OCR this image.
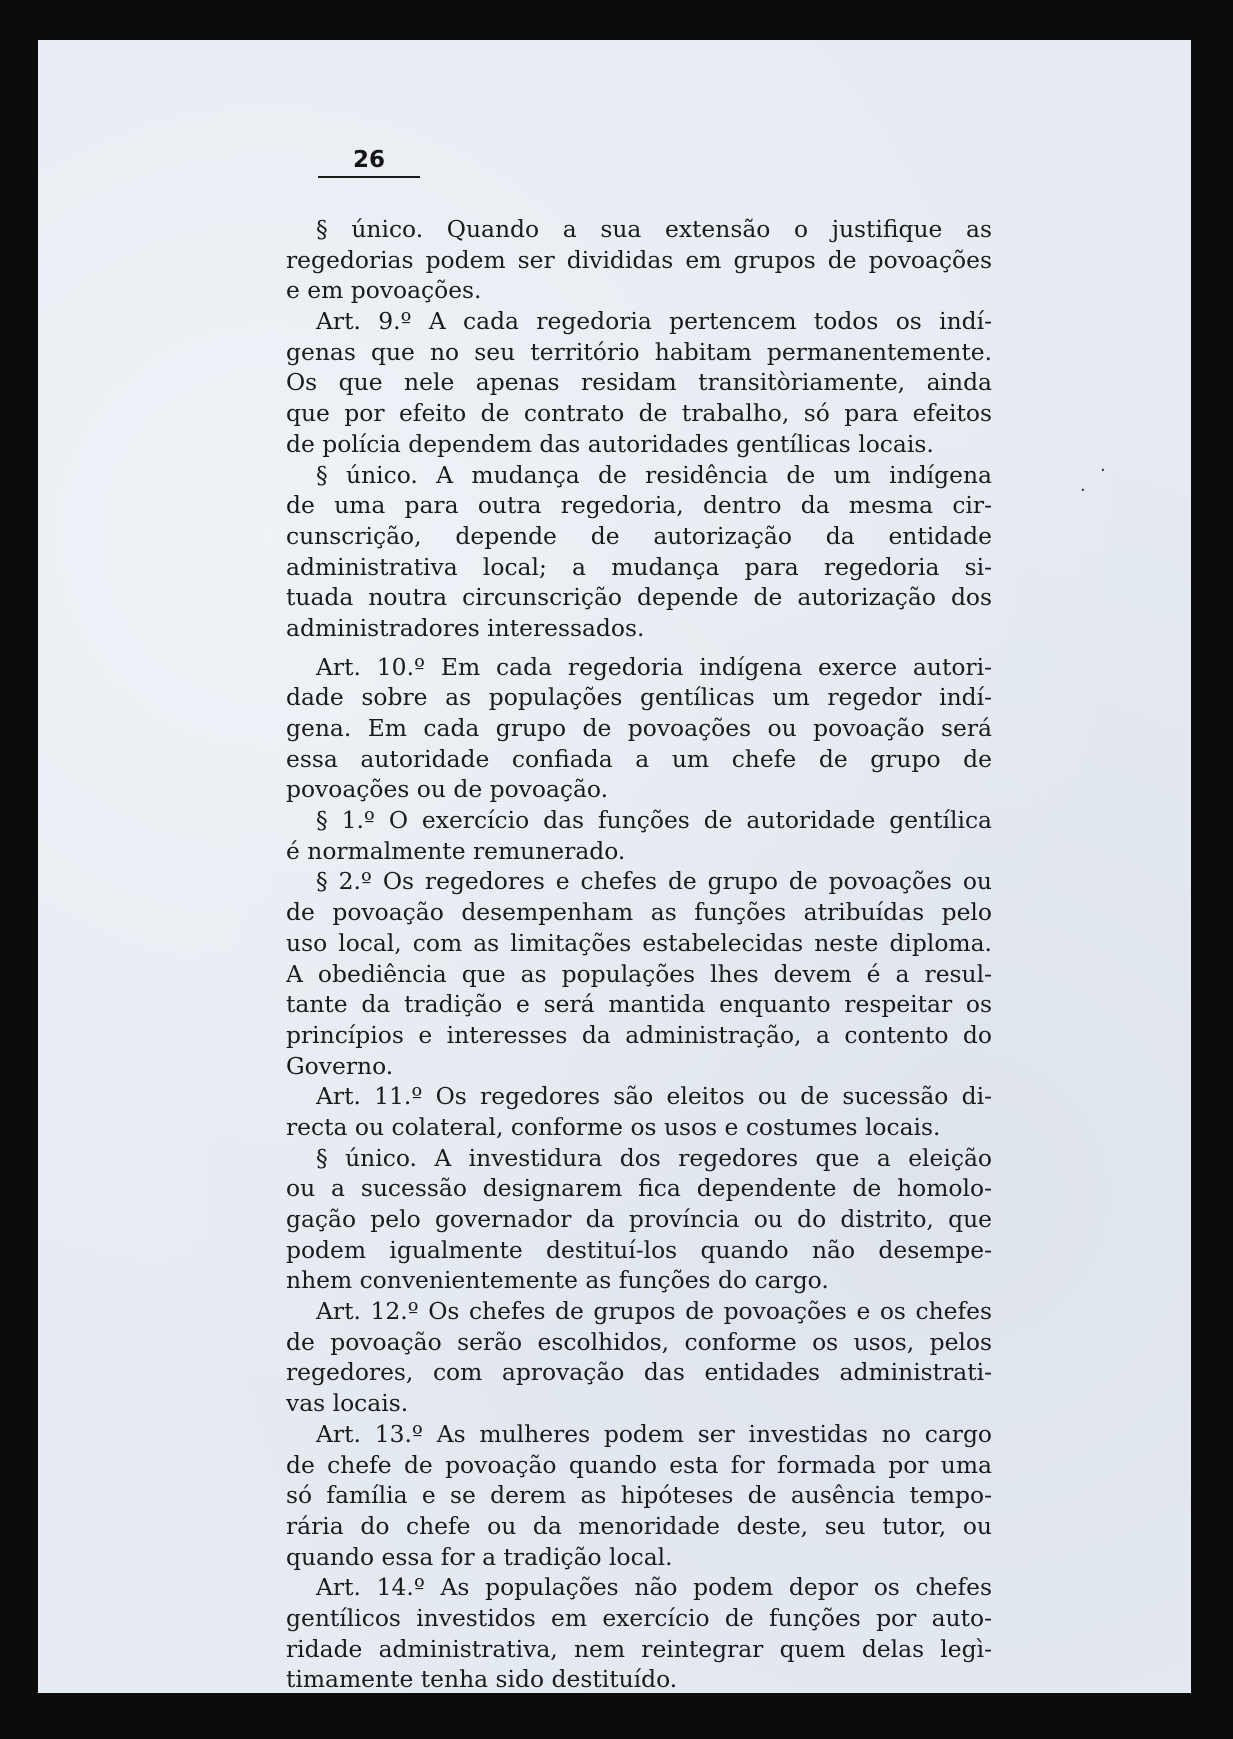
26
§ único. Quando a sua extensão o justifique as
regedorias podem ser divididas em grupos de povoações
e em povoações.
Art. 9.º A cada regedoria pertencem todos os indí-
genas que no seu território habitam permanentemente.
Os que nele apenas residam transitòriamente, ainda
que por efeito de contrato de trabalho, só para efeitos
de polícia dependem das autoridades gentílicas locais.
§ único. A mudança de residência de um indígena
de uma para outra regedoria, dentro da mesma cir-
cunscrição, depende de autorização da entidade
administrativa local; a mudança para regedoria si-
tuada noutra circunscrição depende de autorização dos
administradores interessados.
Art. 10.º Em cada regedoria indígena exerce autori-
dade sobre as populações gentílicas um regedor indí-
gena. Em cada grupo de povoações ou povoação será
essa autoridade confiada a um chefe de grupo de
povoações ou de povoação.
§ 1.º O exercício das funções de autoridade gentílica
é normalmente remunerado.
§ 2.º Os regedores e chefes de grupo de povoações ou
de povoação desempenham as funções atribuídas pelo
uso local, com as limitações estabelecidas neste diploma.
A obediência que as populações lhes devem é a resul-
tante da tradição e será mantida enquanto respeitar os
princípios e interesses da administração, a contento do
Governo.
Art. 11.º Os regedores são eleitos ou de sucessão di-
recta ou colateral, conforme os usos e costumes locais.
§ único. A investidura dos regedores que a eleição
ou a sucessão designarem fica dependente de homolo-
gação pelo governador da província ou do distrito, que
podem igualmente destituí-los quando não desempe-
nhem convenientemente as funções do cargo.
Art. 12.º Os chefes de grupos de povoações e os chefes
de povoação serão escolhidos, conforme os usos, pelos
regedores, com aprovação das entidades administrati-
vas locais.
Art. 13.º As mulheres podem ser investidas no cargo
de chefe de povoação quando esta for formada por uma
só família e se derem as hipóteses de ausência tempo-
rária do chefe ou da menoridade deste, seu tutor, ou
quando essa for a tradição local.
Art. 14.º As populações não podem depor os chefes
gentílicos investidos em exercício de funções por auto-
ridade administrativa, nem reintegrar quem delas legì-
timamente tenha sido destituído.
·
·
